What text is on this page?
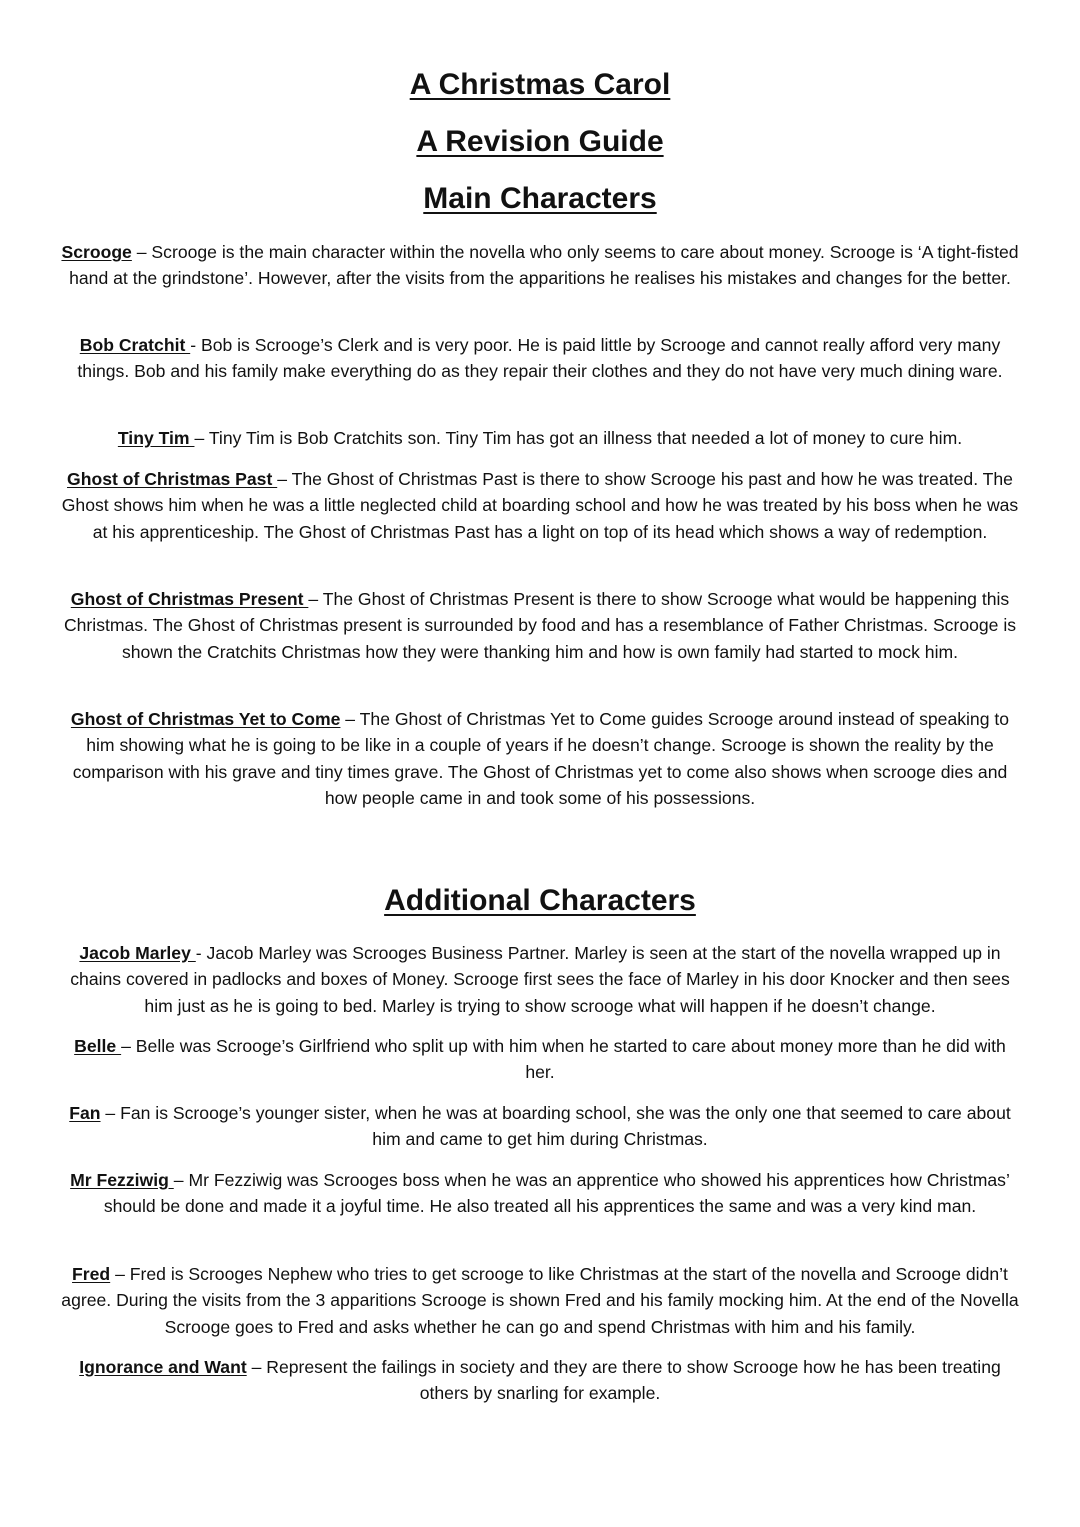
A Christmas Carol
A Revision Guide
Main Characters

Scrooge – Scrooge is the main character within the novella who only seems to care about money. Scrooge is ‘A tight-fisted hand at the grindstone’. However, after the visits from the apparitions he realises his mistakes and changes for the better.

Bob Cratchit - Bob is Scrooge’s Clerk and is very poor. He is paid little by Scrooge and cannot really afford very many things. Bob and his family make everything do as they repair their clothes and they do not have very much dining ware.

Tiny Tim – Tiny Tim is Bob Cratchits son. Tiny Tim has got an illness that needed a lot of money to cure him.

Ghost of Christmas Past – The Ghost of Christmas Past is there to show Scrooge his past and how he was treated. The Ghost shows him when he was a little neglected child at boarding school and how he was treated by his boss when he was at his apprenticeship. The Ghost of Christmas Past has a light on top of its head which shows a way of redemption.

Ghost of Christmas Present – The Ghost of Christmas Present is there to show Scrooge what would be happening this Christmas. The Ghost of Christmas present is surrounded by food and has a resemblance of Father Christmas. Scrooge is shown the Cratchits Christmas how they were thanking him and how is own family had started to mock him.

Ghost of Christmas Yet to Come – The Ghost of Christmas Yet to Come guides Scrooge around instead of speaking to him showing what he is going to be like in a couple of years if he doesn’t change. Scrooge is shown the reality by the comparison with his grave and tiny times grave. The Ghost of Christmas yet to come also shows when scrooge dies and how people came in and took some of his possessions.

Additional Characters

Jacob Marley - Jacob Marley was Scrooges Business Partner. Marley is seen at the start of the novella wrapped up in chains covered in padlocks and boxes of Money. Scrooge first sees the face of Marley in his door Knocker and then sees him just as he is going to bed. Marley is trying to show scrooge what will happen if he doesn’t change.

Belle – Belle was Scrooge’s Girlfriend who split up with him when he started to care about money more than he did with her.

Fan – Fan is Scrooge’s younger sister, when he was at boarding school, she was the only one that seemed to care about him and came to get him during Christmas.

Mr Fezziwig – Mr Fezziwig was Scrooges boss when he was an apprentice who showed his apprentices how Christmas’ should be done and made it a joyful time. He also treated all his apprentices the same and was a very kind man.

Fred – Fred is Scrooges Nephew who tries to get scrooge to like Christmas at the start of the novella and Scrooge didn’t agree. During the visits from the 3 apparitions Scrooge is shown Fred and his family mocking him. At the end of the Novella Scrooge goes to Fred and asks whether he can go and spend Christmas with him and his family.

Ignorance and Want – Represent the failings in society and they are there to show Scrooge how he has been treating others by snarling for example.
